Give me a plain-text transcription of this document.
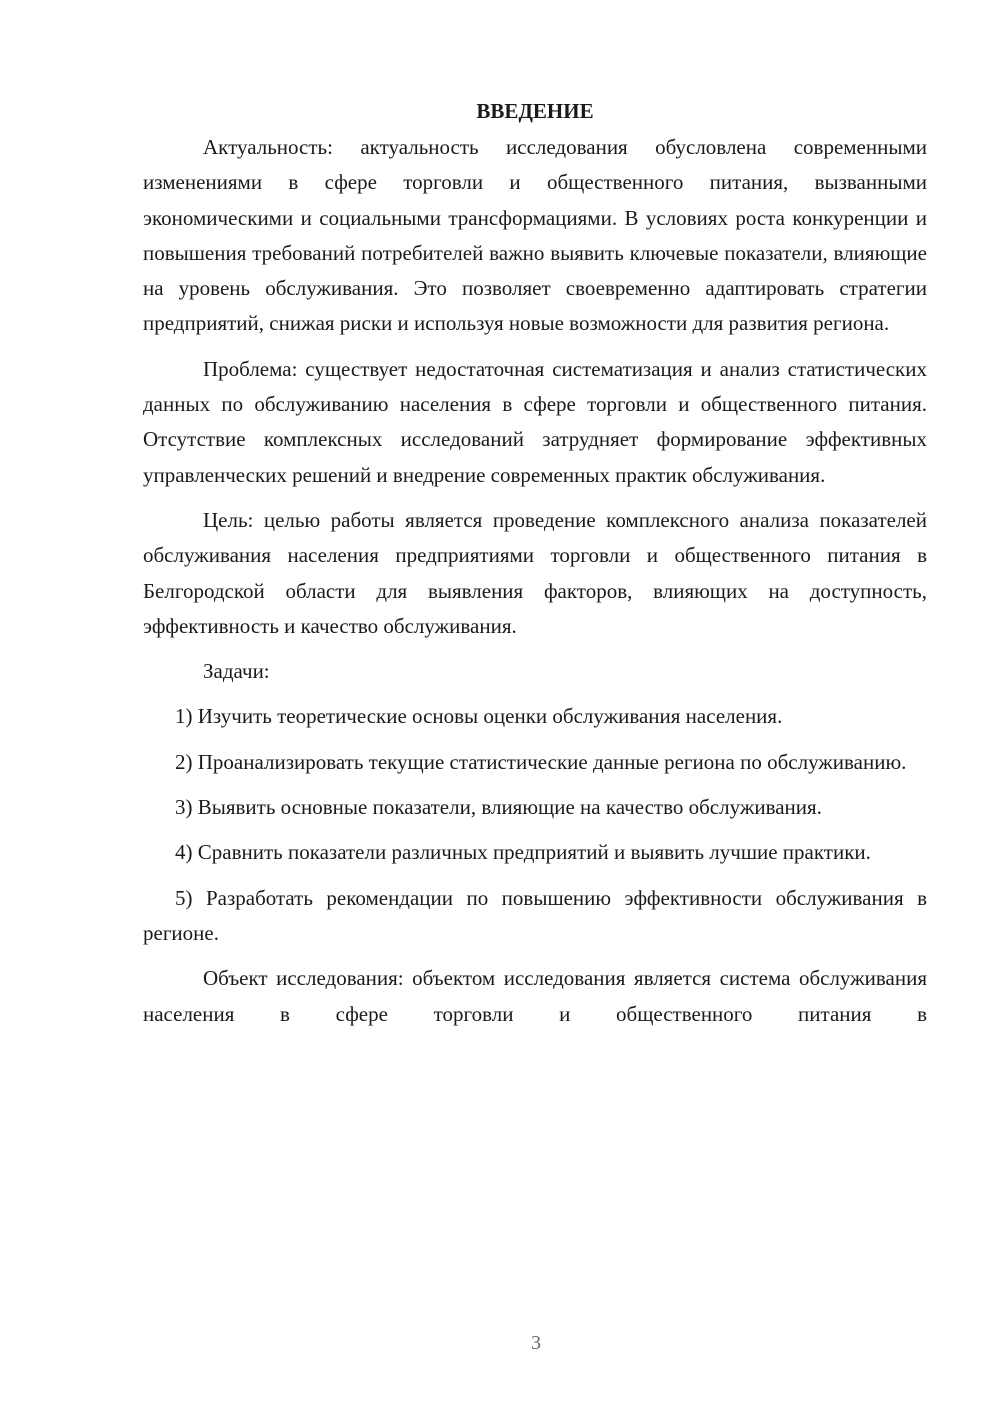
ВВЕДЕНИЕ

Актуальность: актуальность исследования обусловлена современными изменениями в сфере торговли и общественного питания, вызванными экономическими и социальными трансформациями. В условиях роста конкуренции и повышения требований потребителей важно выявить ключевые показатели, влияющие на уровень обслуживания. Это позволяет своевременно адаптировать стратегии предприятий, снижая риски и используя новые возможности для развития региона.

Проблема: существует недостаточная систематизация и анализ статистических данных по обслуживанию населения в сфере торговли и общественного питания. Отсутствие комплексных исследований затрудняет формирование эффективных управленческих решений и внедрение современных практик обслуживания.

Цель: целью работы является проведение комплексного анализа показателей обслуживания населения предприятиями торговли и общественного питания в Белгородской области для выявления факторов, влияющих на доступность, эффективность и качество обслуживания.

Задачи:

1) Изучить теоретические основы оценки обслуживания населения.

2) Проанализировать текущие статистические данные региона по обслуживанию.

3) Выявить основные показатели, влияющие на качество обслуживания.

4) Сравнить показатели различных предприятий и выявить лучшие практики.

5) Разработать рекомендации по повышению эффективности обслуживания в регионе.

Объект исследования: объектом исследования является система обслуживания населения в сфере торговли и общественного питания в

3
